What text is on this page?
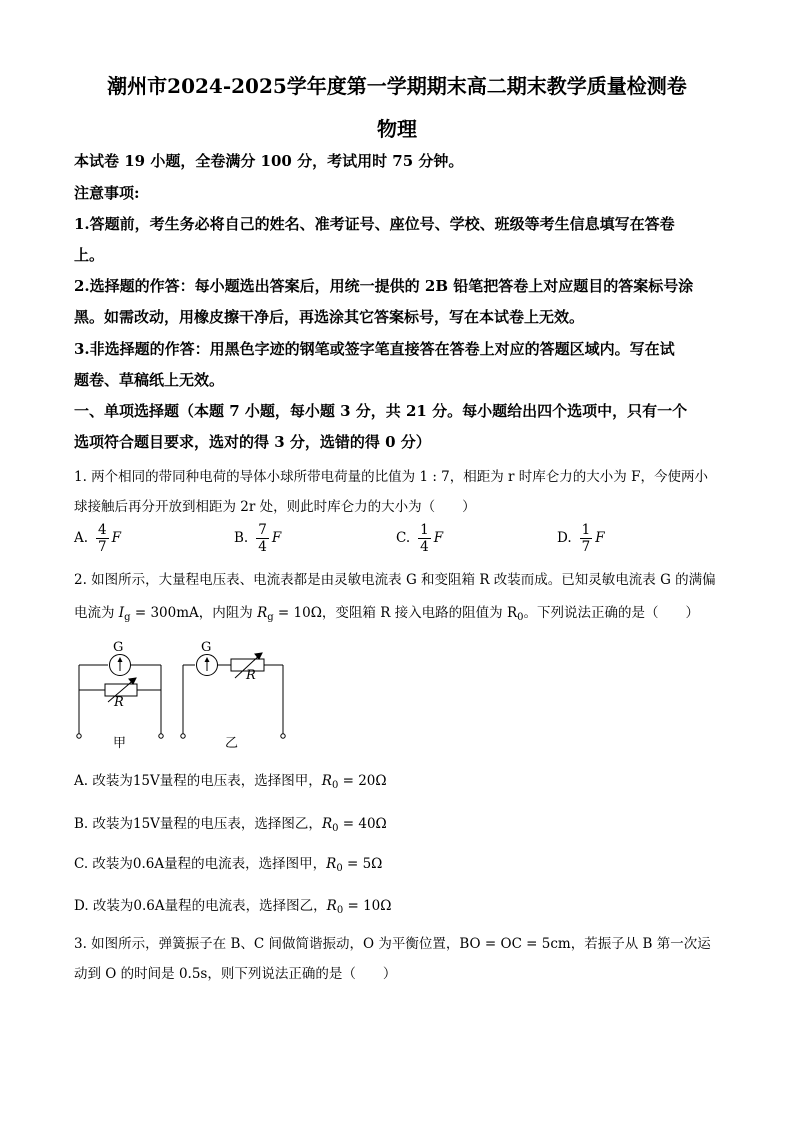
潮州市2024-2025学年度第一学期期末高二期末教学质量检测卷
物理
本试卷 19 小题，全卷满分 100 分，考试用时 75 分钟。
注意事项:
1.答题前，考生务必将自己的姓名、准考证号、座位号、学校、班级等考生信息填写在答卷
上。
2.选择题的作答：每小题选出答案后，用统一提供的 2B 铅笔把答卷上对应题目的答案标号涂
黑。如需改动，用橡皮擦干净后，再选涂其它答案标号，写在本试卷上无效。
3.非选择题的作答：用黑色字迹的钢笔或签字笔直接答在答卷上对应的答题区域内。写在试
题卷、草稿纸上无效。
一、单项选择题（本题 7 小题，每小题 3 分，共 21 分。每小题给出四个选项中，只有一个
选项符合题目要求，选对的得 3 分，选错的得 0 分）
1. 两个相同的带同种电荷的导体小球所带电荷量的比值为 1 : 7，相距为 r 时库仑力的大小为 F，今使两小
球接触后再分开放到相距为 2r 处，则此时库仑力的大小为（　　）
A. $\frac{4}{7}$ F	B. $\frac{7}{4}$ F	C. $\frac{1}{4}$ F	D. $\frac{1}{7}$ F
2. 如图所示，大量程电压表、电流表都是由灵敏电流表 G 和变阻箱 R 改装而成。已知灵敏电流表 G 的满偏
电流为 $I_g = 300mA$，内阻为 $R_g = 10\Omega$，变阻箱 R 接入电路的阻值为 $R_0$。下列说法正确的是（　　）
G	G
R
R
甲	乙
A. 改装为15V量程的电压表，选择图甲，$R_0 = 20\Omega$
B. 改装为15V量程的电压表，选择图乙，$R_0 = 40\Omega$
C. 改装为0.6A量程的电流表，选择图甲，$R_0 = 5\Omega$
D. 改装为0.6A量程的电流表，选择图乙，$R_0 = 10\Omega$
3. 如图所示，弹簧振子在 B、C 间做简谐振动，O 为平衡位置，BO = OC = 5cm，若振子从 B 第一次运
动到 O 的时间是 0.5s，则下列说法正确的是（　　）
